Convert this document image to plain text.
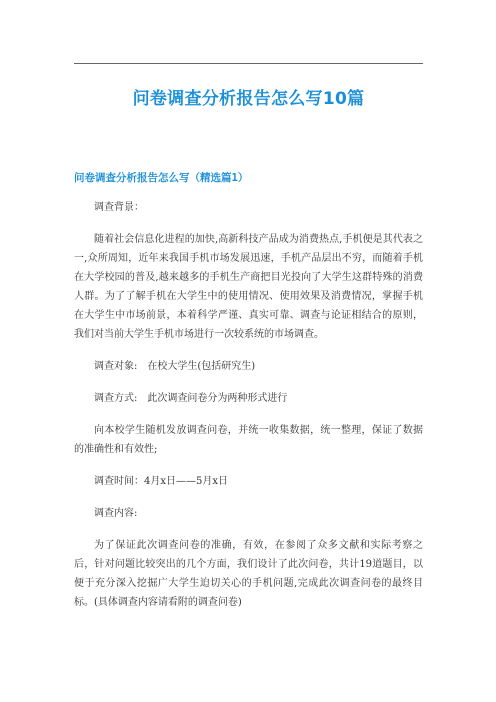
问卷调查分析报告怎么写10篇
问卷调查分析报告怎么写（精选篇1）

调查背景：

随着社会信息化进程的加快,高新科技产品成为消费热点,手机便是其代表之一,众所周知，近年来我国手机市场发展迅速，手机产品层出不穷，而随着手机在大学校园的普及,越来越多的手机生产商把目光投向了大学生这群特殊的消费人群。为了了解手机在大学生中的使用情况、使用效果及消费情况，掌握手机在大学生中市场前景，本着科学严谨、真实可靠、调查与论证相结合的原则，我们对当前大学生手机市场进行一次较系统的市场调查。

调查对象:　在校大学生(包括研究生)

调查方式:　此次调查问卷分为两种形式进行

向本校学生随机发放调查问卷，并统一收集数据，统一整理，保证了数据的准确性和有效性;

调查时间：4月x日——5月x日

调查内容:

为了保证此次调查问卷的准确，有效，在参阅了众多文献和实际考察之后，针对问题比较突出的几个方面，我们设计了此次问卷，共计19道题目，以便于充分深入挖掘广大学生迫切关心的手机问题,完成此次调查问卷的最终目标。(具体调查内容请看附的调查问卷)
